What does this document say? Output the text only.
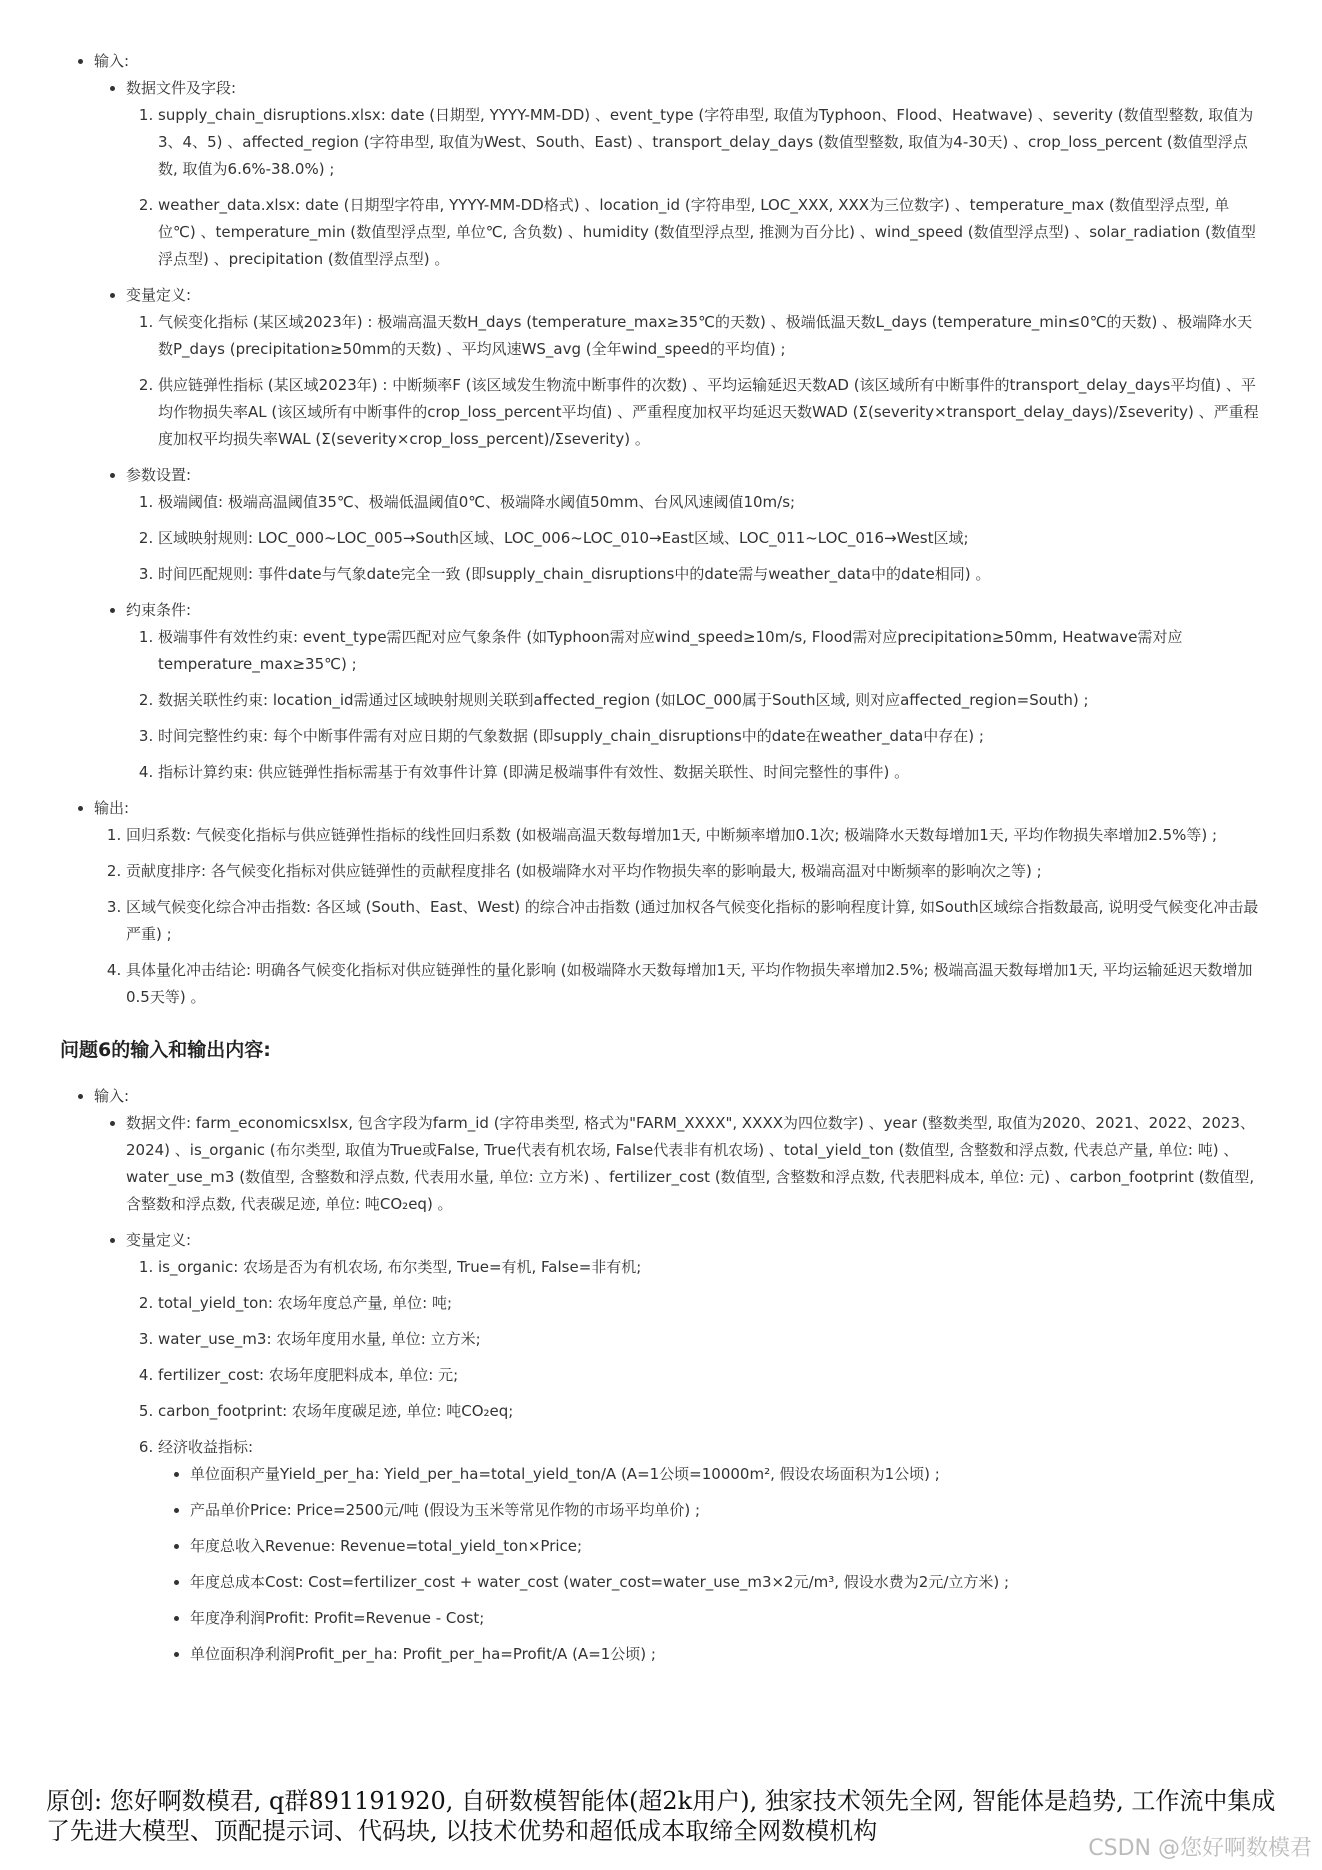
• 输入:
• 数据文件及字段:
1. supply_chain_disruptions.xlsx: date (日期型, YYYY-MM-DD) 、event_type (字符串型, 取值为Typhoon、Flood、Heatwave) 、severity (数值型整数, 取值为3、4、5) 、affected_region (字符串型, 取值为West、South、East) 、transport_delay_days (数值型整数, 取值为4-30天) 、crop_loss_percent (数值型浮点数, 取值为6.6%-38.0%) ;
2. weather_data.xlsx: date (日期型字符串, YYYY-MM-DD格式) 、location_id (字符串型, LOC_XXX, XXX为三位数字) 、temperature_max (数值型浮点型, 单位℃) 、temperature_min (数值型浮点型, 单位℃, 含负数) 、humidity (数值型浮点型, 推测为百分比) 、wind_speed (数值型浮点型) 、solar_radiation (数值型浮点型) 、precipitation (数值型浮点型) 。
• 变量定义:
1. 气候变化指标 (某区域2023年) : 极端高温天数H_days (temperature_max≥35℃的天数) 、极端低温天数L_days (temperature_min≤0℃的天数) 、极端降水天数P_days (precipitation≥50mm的天数) 、平均风速WS_avg (全年wind_speed的平均值) ;
2. 供应链弹性指标 (某区域2023年) : 中断频率F (该区域发生物流中断事件的次数) 、平均运输延迟天数AD (该区域所有中断事件的transport_delay_days平均值) 、平均作物损失率AL (该区域所有中断事件的crop_loss_percent平均值) 、严重程度加权平均延迟天数WAD (Σ(severity×transport_delay_days)/Σseverity) 、严重程度加权平均损失率WAL (Σ(severity×crop_loss_percent)/Σseverity) 。
• 参数设置:
1. 极端阈值: 极端高温阈值35℃、极端低温阈值0℃、极端降水阈值50mm、台风风速阈值10m/s;
2. 区域映射规则: LOC_000~LOC_005→South区域、LOC_006~LOC_010→East区域、LOC_011~LOC_016→West区域;
3. 时间匹配规则: 事件date与气象date完全一致 (即supply_chain_disruptions中的date需与weather_data中的date相同) 。
• 约束条件:
1. 极端事件有效性约束: event_type需匹配对应气象条件 (如Typhoon需对应wind_speed≥10m/s, Flood需对应precipitation≥50mm, Heatwave需对应temperature_max≥35℃) ;
2. 数据关联性约束: location_id需通过区域映射规则关联到affected_region (如LOC_000属于South区域, 则对应affected_region=South) ;
3. 时间完整性约束: 每个中断事件需有对应日期的气象数据 (即supply_chain_disruptions中的date在weather_data中存在) ;
4. 指标计算约束: 供应链弹性指标需基于有效事件计算 (即满足极端事件有效性、数据关联性、时间完整性的事件) 。
• 输出:
1. 回归系数: 气候变化指标与供应链弹性指标的线性回归系数 (如极端高温天数每增加1天, 中断频率增加0.1次; 极端降水天数每增加1天, 平均作物损失率增加2.5%等) ;
2. 贡献度排序: 各气候变化指标对供应链弹性的贡献程度排名 (如极端降水对平均作物损失率的影响最大, 极端高温对中断频率的影响次之等) ;
3. 区域气候变化综合冲击指数: 各区域 (South、East、West) 的综合冲击指数 (通过加权各气候变化指标的影响程度计算, 如South区域综合指数最高, 说明受气候变化冲击最严重) ;
4. 具体量化冲击结论: 明确各气候变化指标对供应链弹性的量化影响 (如极端降水天数每增加1天, 平均作物损失率增加2.5%; 极端高温天数每增加1天, 平均运输延迟天数增加0.5天等) 。
问题6的输入和输出内容:
• 输入:
• 数据文件: farm_economicsxlsx, 包含字段为farm_id (字符串类型, 格式为"FARM_XXXX", XXXX为四位数字) 、year (整数类型, 取值为2020、2021、2022、2023、2024) 、is_organic (布尔类型, 取值为True或False, True代表有机农场, False代表非有机农场) 、total_yield_ton (数值型, 含整数和浮点数, 代表总产量, 单位: 吨) 、water_use_m3 (数值型, 含整数和浮点数, 代表用水量, 单位: 立方米) 、fertilizer_cost (数值型, 含整数和浮点数, 代表肥料成本, 单位: 元) 、carbon_footprint (数值型, 含整数和浮点数, 代表碳足迹, 单位: 吨CO₂eq) 。
• 变量定义:
1. is_organic: 农场是否为有机农场, 布尔类型, True=有机, False=非有机;
2. total_yield_ton: 农场年度总产量, 单位: 吨;
3. water_use_m3: 农场年度用水量, 单位: 立方米;
4. fertilizer_cost: 农场年度肥料成本, 单位: 元;
5. carbon_footprint: 农场年度碳足迹, 单位: 吨CO₂eq;
6. 经济收益指标:
• 单位面积产量Yield_per_ha: Yield_per_ha=total_yield_ton/A (A=1公顷=10000m², 假设农场面积为1公顷) ;
• 产品单价Price: Price=2500元/吨 (假设为玉米等常见作物的市场平均单价) ;
• 年度总收入Revenue: Revenue=total_yield_ton×Price;
• 年度总成本Cost: Cost=fertilizer_cost + water_cost (water_cost=water_use_m3×2元/m³, 假设水费为2元/立方米) ;
• 年度净利润Profit: Profit=Revenue - Cost;
• 单位面积净利润Profit_per_ha: Profit_per_ha=Profit/A (A=1公顷) ;
原创: 您好啊数模君, q群891191920, 自研数模智能体(超2k用户), 独家技术领先全网, 智能体是趋势, 工作流中集成了先进大模型、顶配提示词、代码块, 以技术优势和超低成本取缔全网数模机构
CSDN @您好啊数模君
